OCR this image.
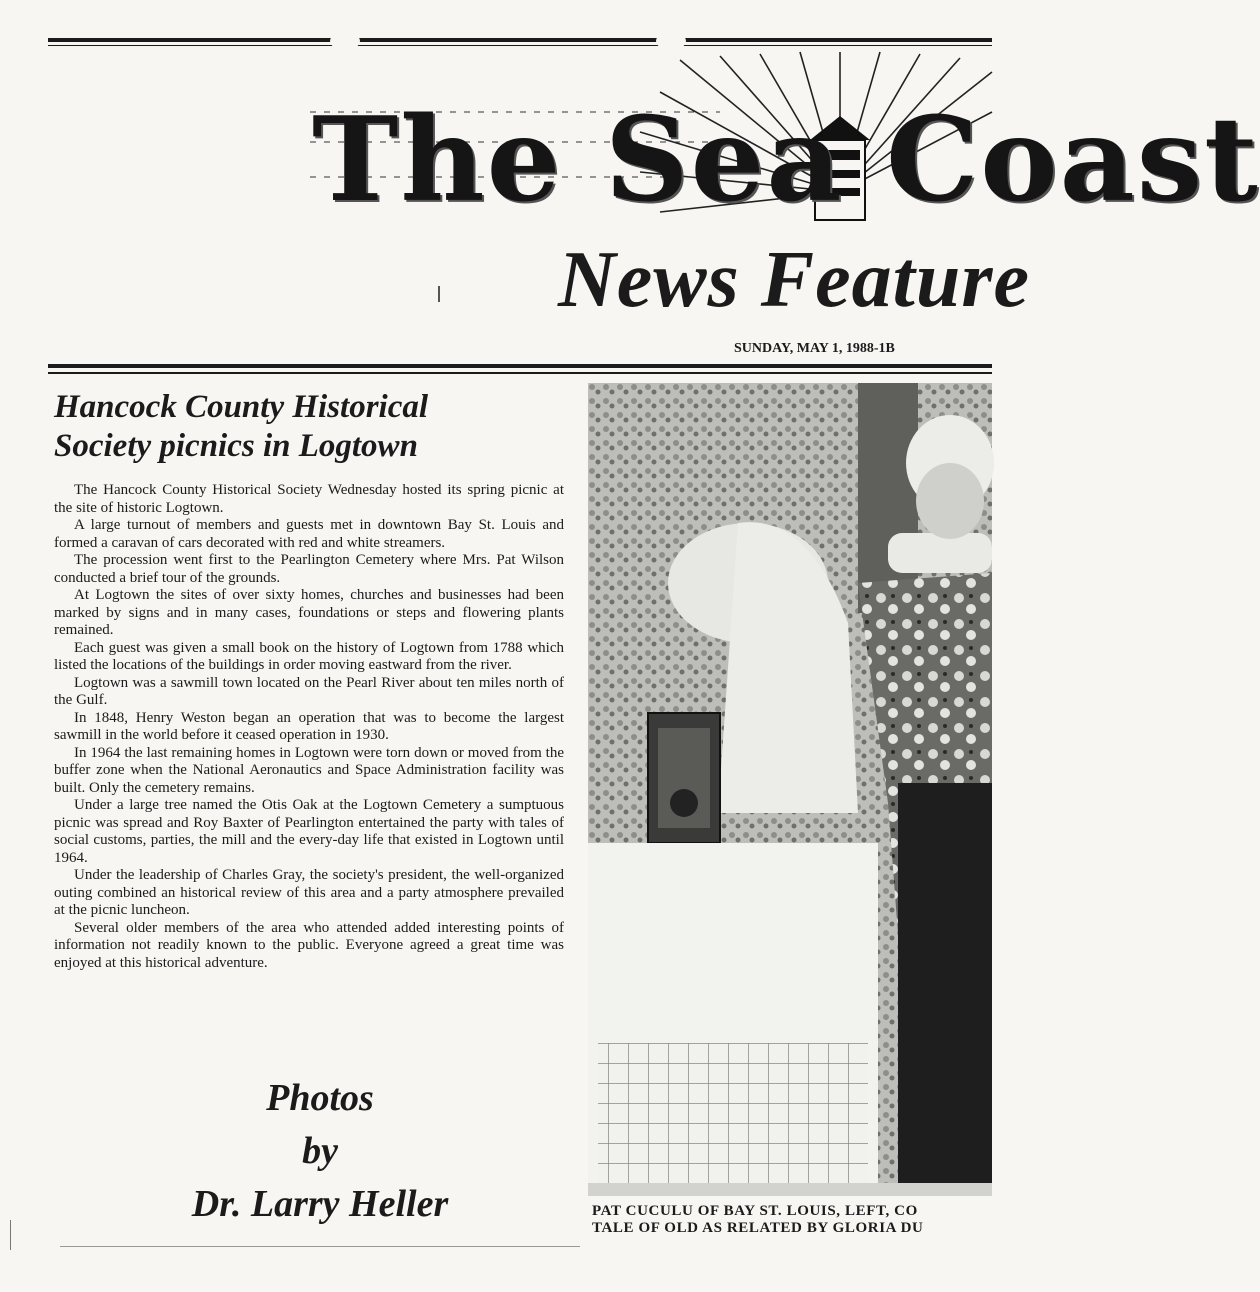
The Sea Coast
News Feature
SUNDAY, MAY 1, 1988-1B
Hancock County Historical
Society picnics in Logtown

The Hancock County Historical Society Wednesday hosted its spring picnic at the site of historic Logtown.

A large turnout of members and guests met in downtown Bay St. Louis and formed a caravan of cars decorated with red and white streamers.

The procession went first to the Pearlington Cemetery where Mrs. Pat Wilson conducted a brief tour of the grounds.

At Logtown the sites of over sixty homes, churches and businesses had been marked by signs and in many cases, foundations or steps and flowering plants remained.

Each guest was given a small book on the history of Logtown from 1788 which listed the locations of the buildings in order moving eastward from the river.

Logtown was a sawmill town located on the Pearl River about ten miles north of the Gulf.

In 1848, Henry Weston began an operation that was to become the largest sawmill in the world before it ceased operation in 1930.

In 1964 the last remaining homes in Logtown were torn down or moved from the buffer zone when the National Aeronautics and Space Administration facility was built. Only the cemetery remains.

Under a large tree named the Otis Oak at the Logtown Cemetery a sumptuous picnic was spread and Roy Baxter of Pearlington entertained the party with tales of social customs, parties, the mill and the every-day life that existed in Logtown until 1964.

Under the leadership of Charles Gray, the society's president, the well-organized outing combined an historical review of this area and a party atmosphere prevailed at the picnic luncheon.

Several older members of the area who attended added interesting points of information not readily known to the public. Everyone agreed a great time was enjoyed at this historical adventure.

Photos
by
Dr. Larry Heller	PAT CUCULU OF BAY ST. LOUIS, LEFT, CO
TALE OF OLD AS RELATED BY GLORIA DU
